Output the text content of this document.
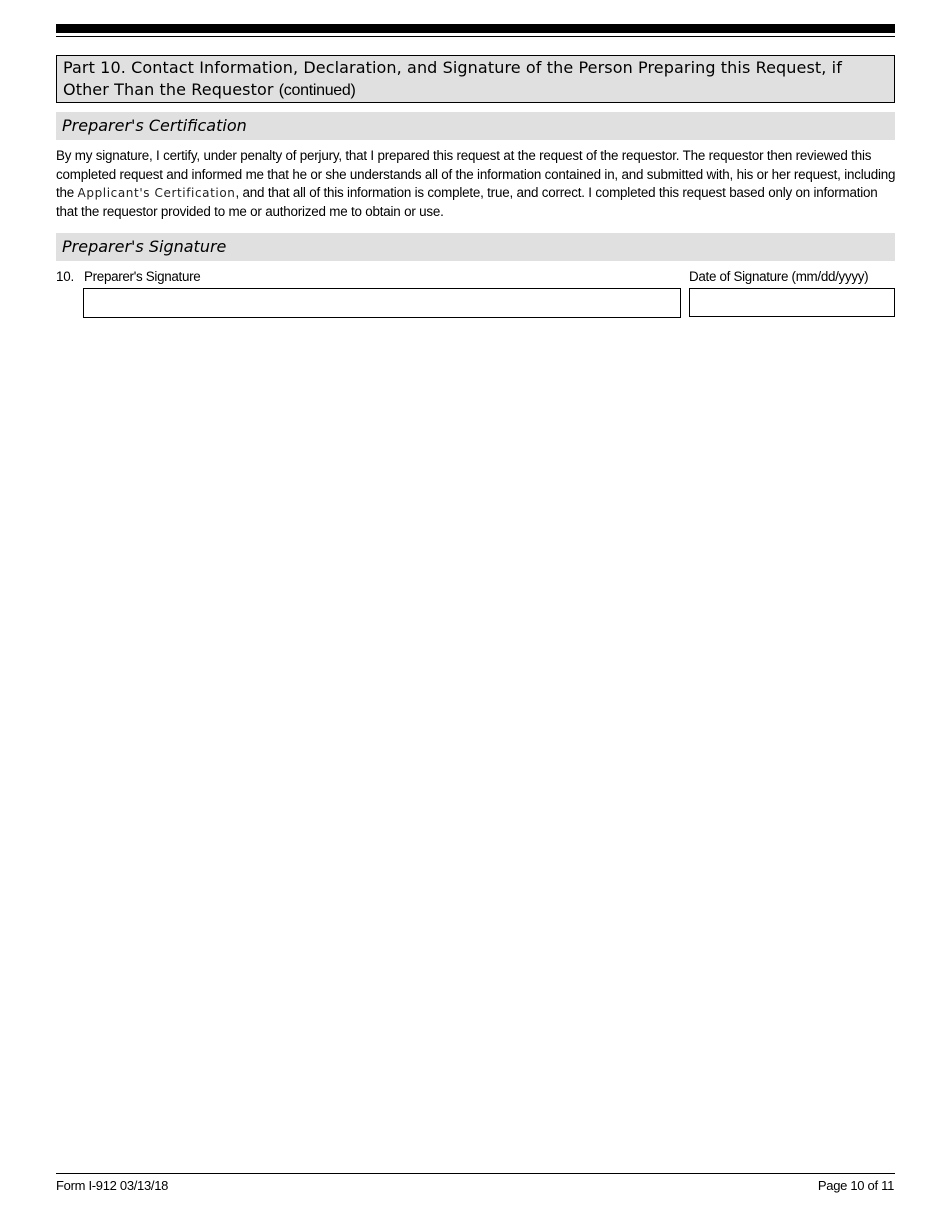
Part 10. Contact Information, Declaration, and Signature of the Person Preparing this Request, if Other Than the Requestor (continued)
Preparer's Certification
By my signature, I certify, under penalty of perjury, that I prepared this request at the request of the requestor. The requestor then reviewed this completed request and informed me that he or she understands all of the information contained in, and submitted with, his or her request, including the Applicant's Certification, and that all of this information is complete, true, and correct. I completed this request based only on information that the requestor provided to me or authorized me to obtain or use.
Preparer's Signature
10. Preparer's Signature	Date of Signature (mm/dd/yyyy)
Form I-912 03/13/18	Page 10 of 11
